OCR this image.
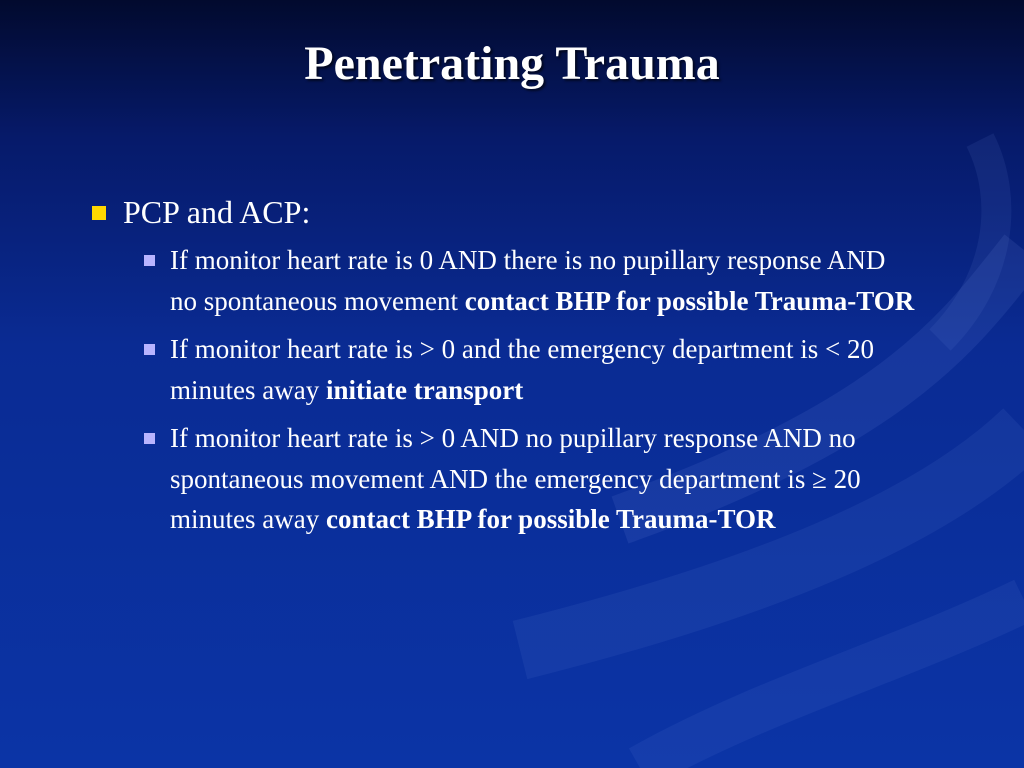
Penetrating Trauma
PCP and ACP:
If monitor heart rate is 0 AND there is no pupillary response AND no spontaneous movement contact BHP for possible Trauma-TOR
If monitor heart rate is > 0 and the emergency department is < 20 minutes away initiate transport
If monitor heart rate is > 0 AND no pupillary response AND no spontaneous movement AND the emergency department is ≥ 20 minutes away contact BHP for possible Trauma-TOR
